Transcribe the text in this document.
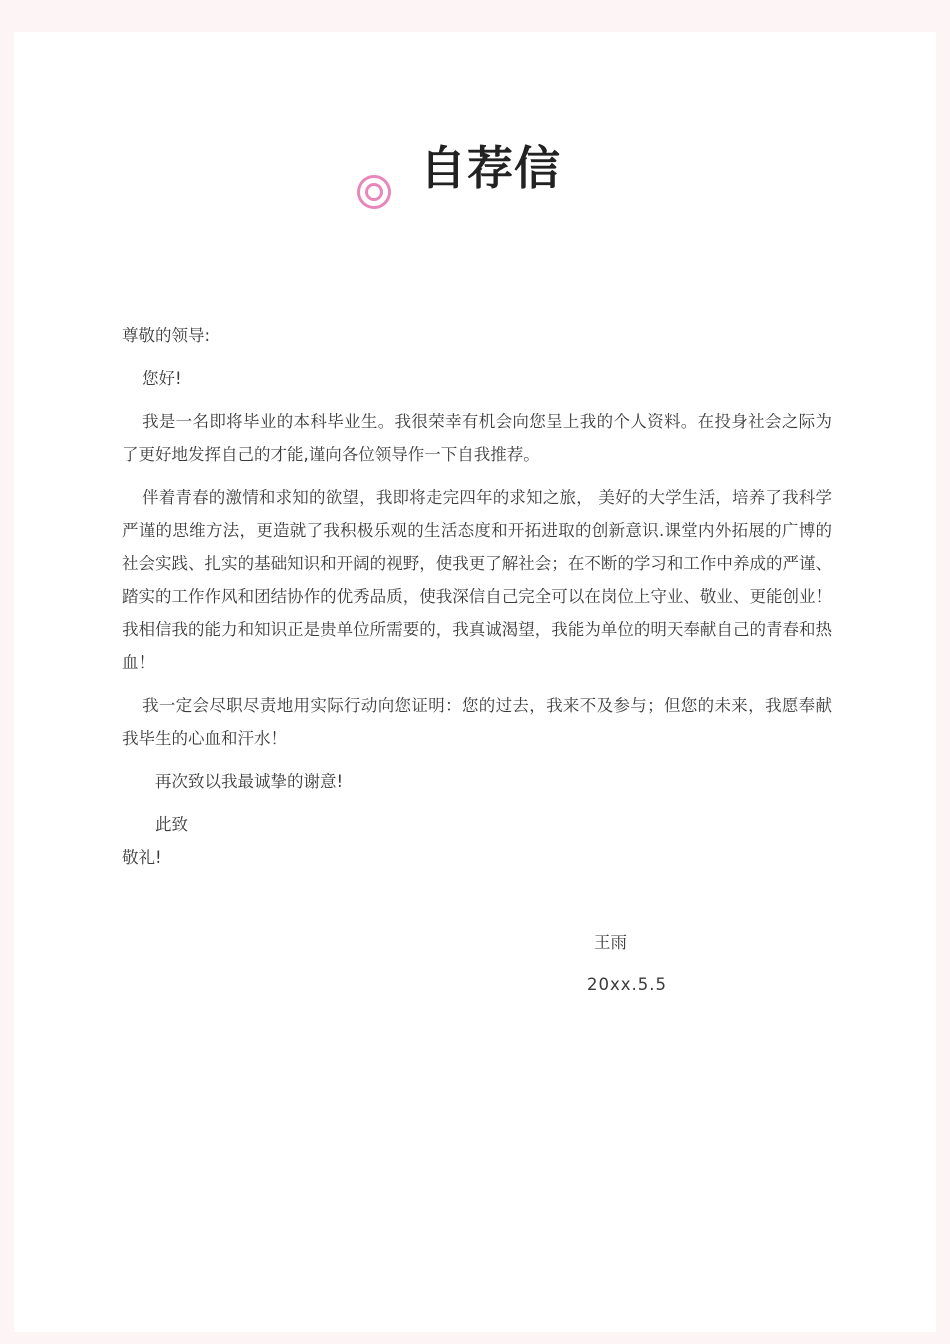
自荐信
尊敬的领导:
您好!

我是一名即将毕业的本科毕业生。我很荣幸有机会向您呈上我的个人资料。在投身社会之际为了更好地发挥自己的才能,谨向各位领导作一下自我推荐。

伴着青春的激情和求知的欲望，我即将走完四年的求知之旅， 美好的大学生活，培养了我科学严谨的思维方法，更造就了我积极乐观的生活态度和开拓进取的创新意识.课堂内外拓展的广博的社会实践、扎实的基础知识和开阔的视野，使我更了解社会；在不断的学习和工作中养成的严谨、踏实的工作作风和团结协作的优秀品质，使我深信自己完全可以在岗位上守业、敬业、更能创业！我相信我的能力和知识正是贵单位所需要的，我真诚渴望，我能为单位的明天奉献自己的青春和热血！

我一定会尽职尽责地用实际行动向您证明：您的过去，我来不及参与；但您的未来，我愿奉献我毕生的心血和汗水！

再次致以我最诚挚的谢意!
此致
敬礼!
王雨
20xx.5.5
